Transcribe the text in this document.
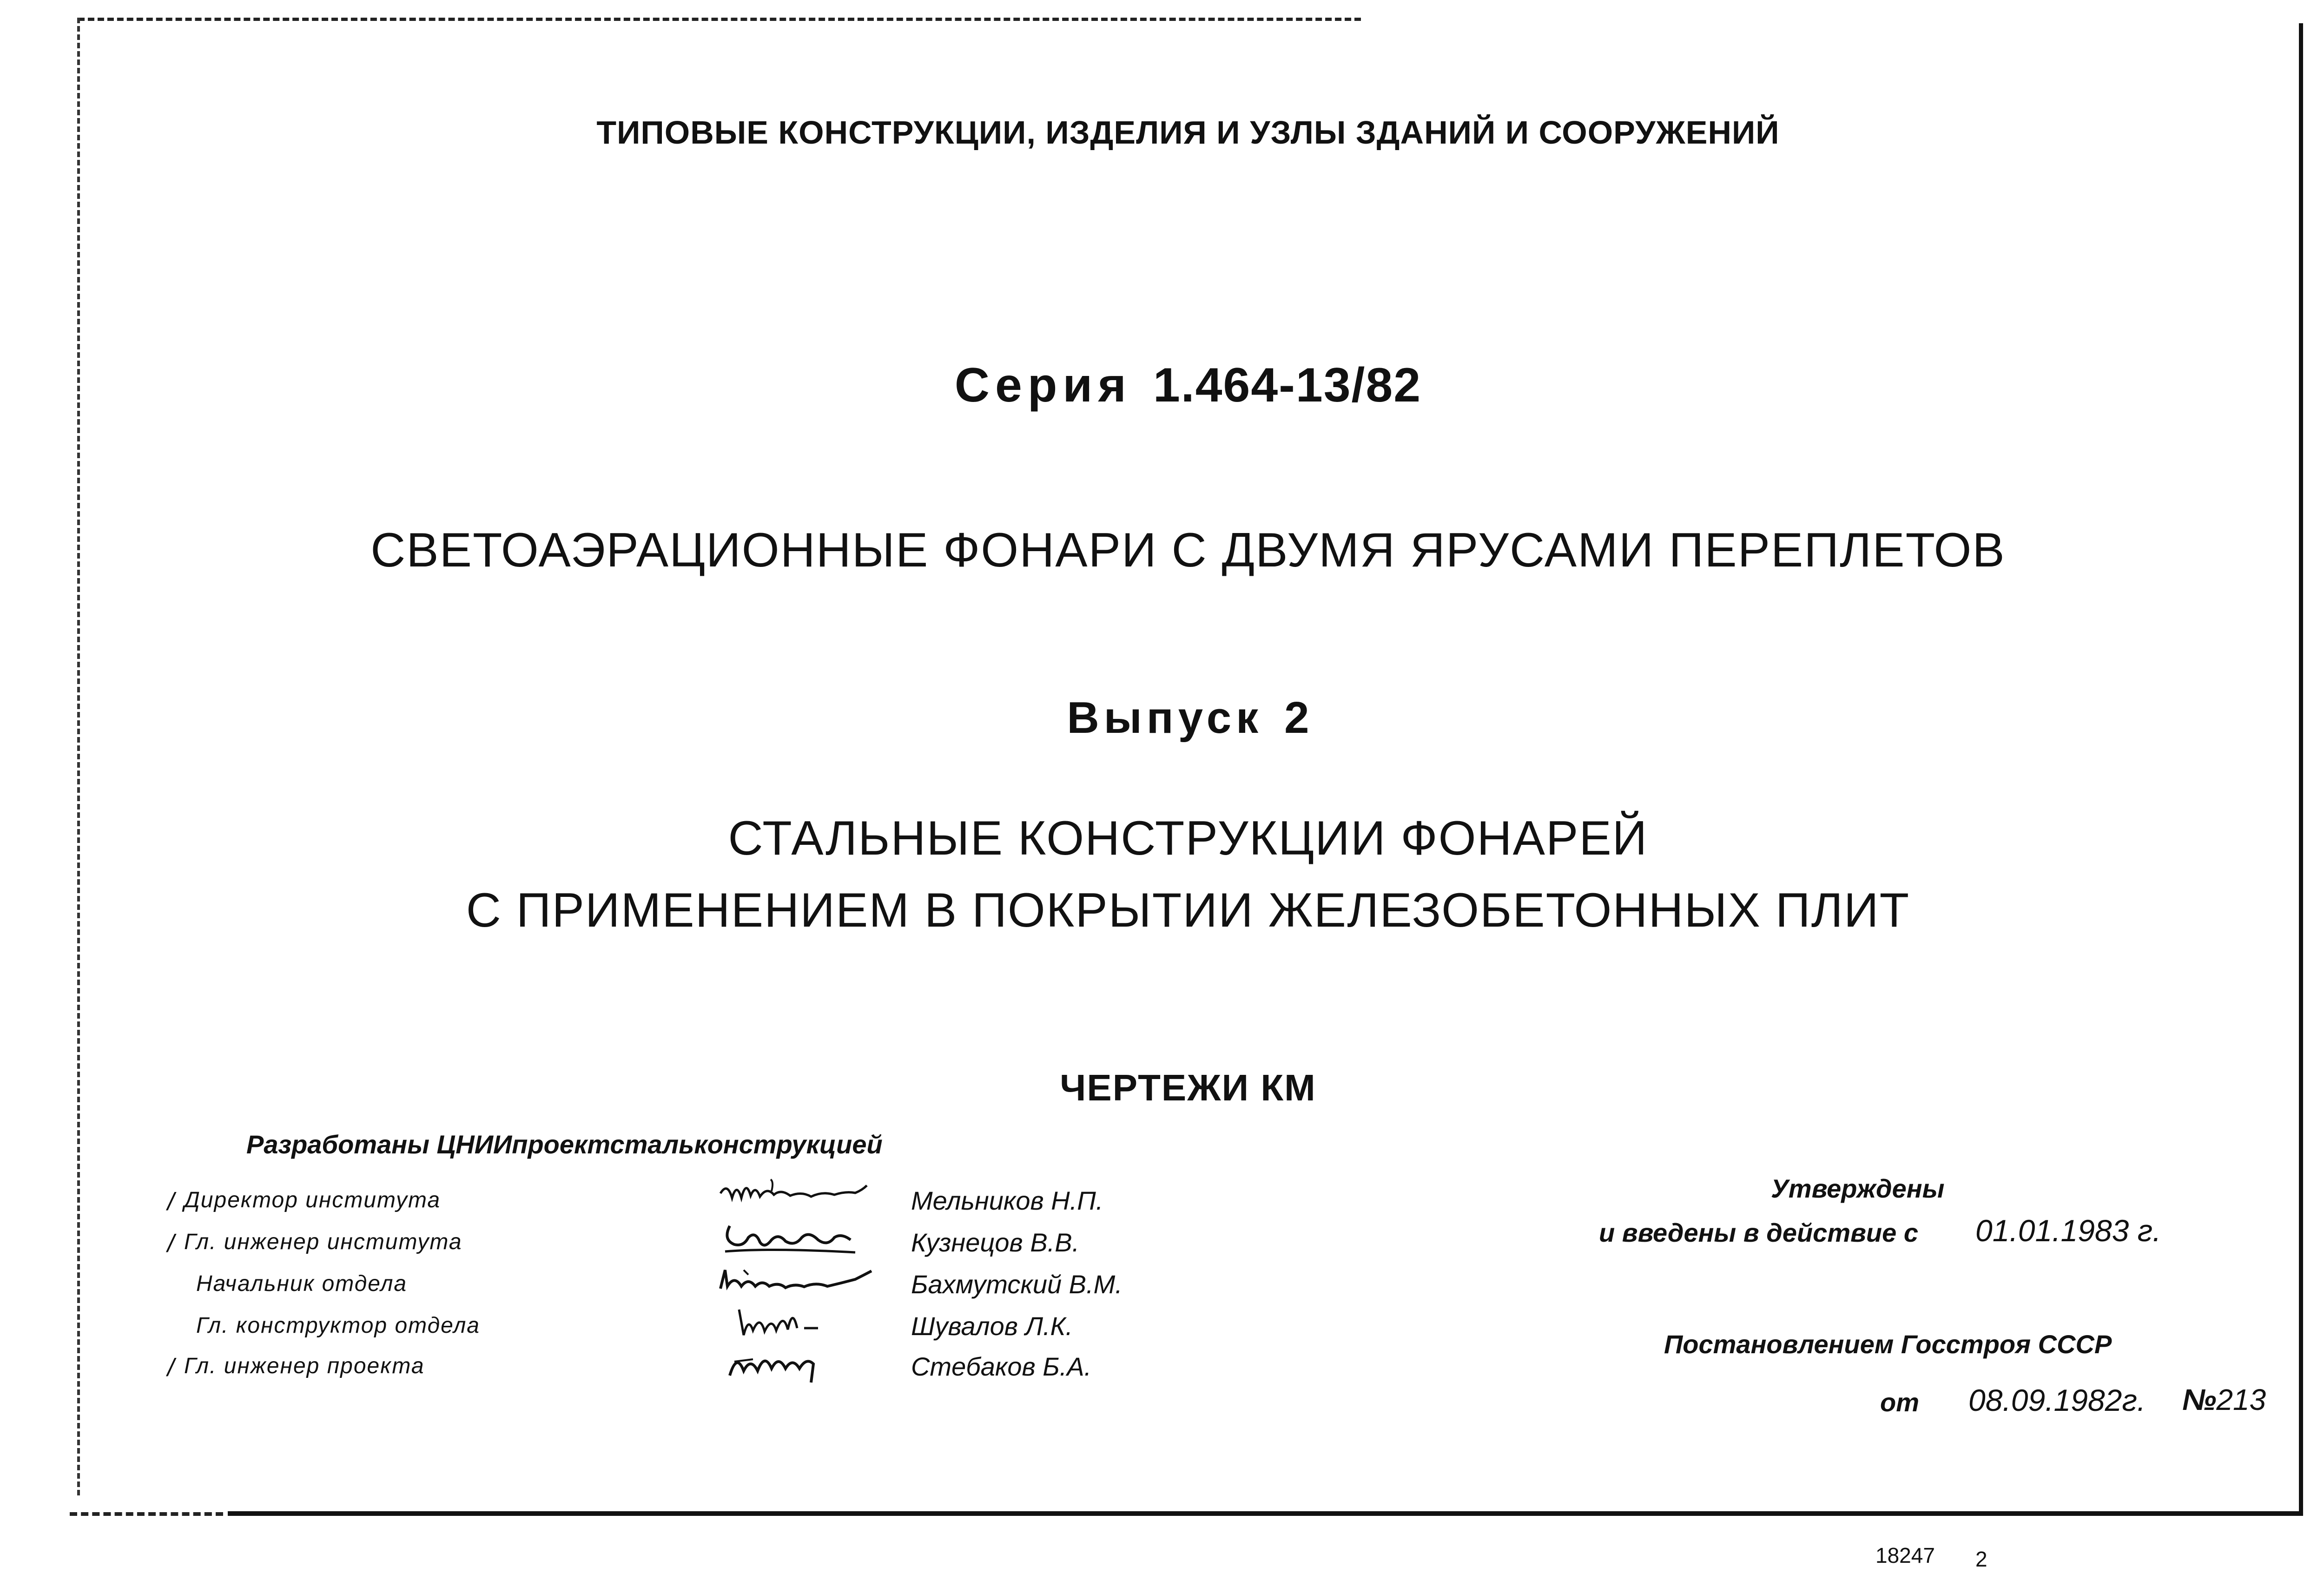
ТИПОВЫЕ КОНСТРУКЦИИ, ИЗДЕЛИЯ И УЗЛЫ ЗДАНИЙ И СООРУЖЕНИЙ
Серия 1.464-13/82
СВЕТОАЭРАЦИОННЫЕ ФОНАРИ С ДВУМЯ ЯРУСАМИ ПЕРЕПЛЕТОВ
Выпуск 2
СТАЛЬНЫЕ КОНСТРУКЦИИ ФОНАРЕЙ
С ПРИМЕНЕНИЕМ В ПОКРЫТИИ ЖЕЛЕЗОБЕТОННЫХ ПЛИТ
ЧЕРТЕЖИ КМ
Разработаны ЦНИИпроектстальконструкцией
/ Директор института	Мельников Н.П.
/ Гл. инженер института	Кузнецов В.В.
Начальник отдела	Бахмутский В.М.
Гл. конструктор отдела	Шувалов Л.К.
/ Гл. инженер проекта	Стебаков Б.А.
Утверждены
и введены в действие с 01.01.1983 г.
Постановлением Госстроя СССР
от 08.09.1982г. №213
18247 2
